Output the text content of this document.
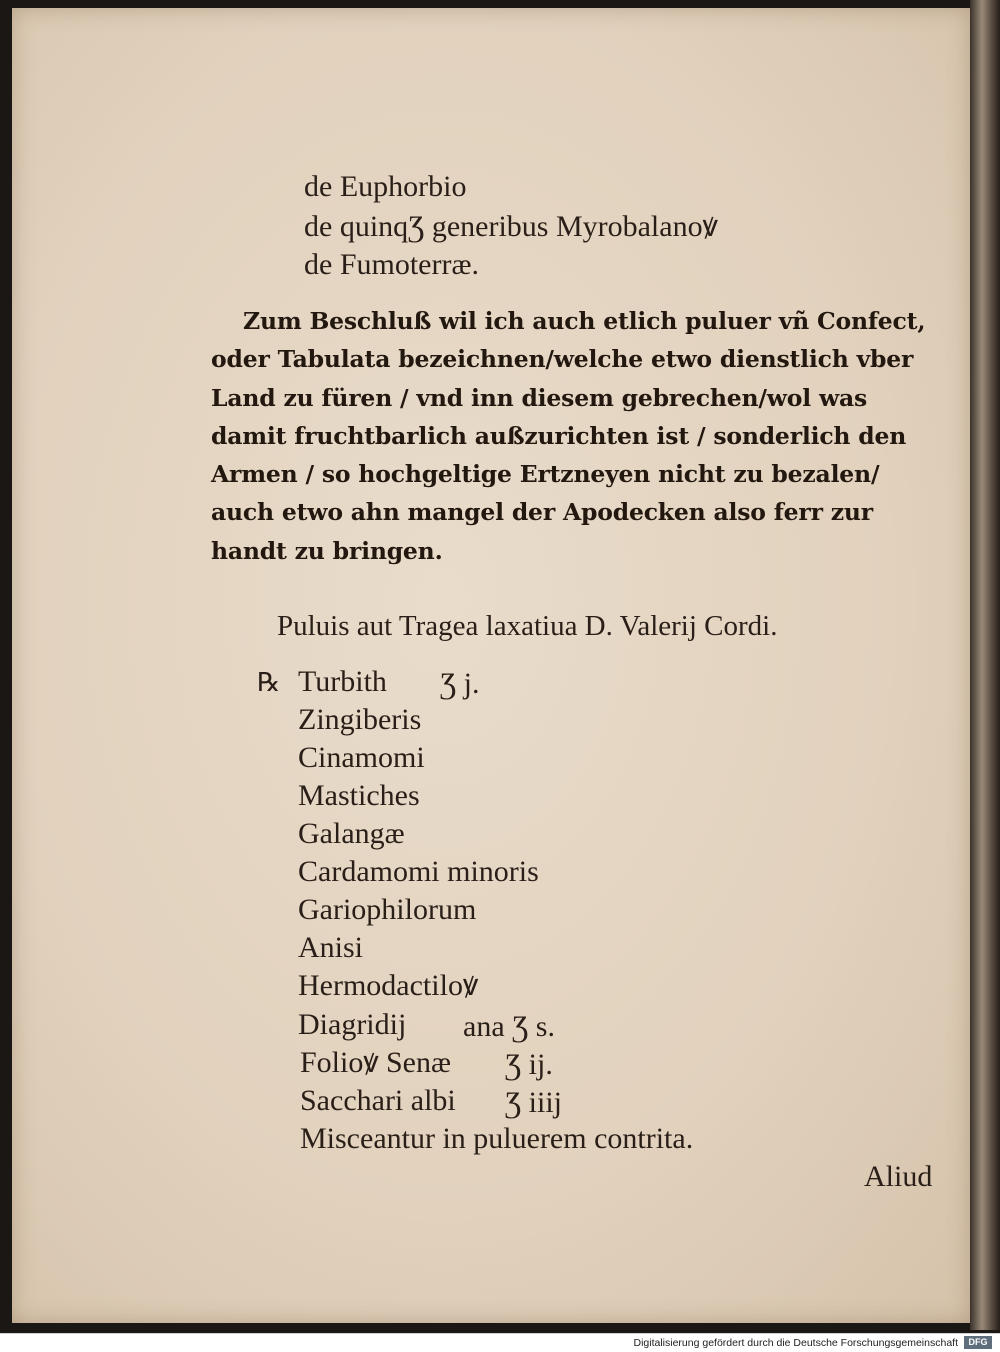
de Euphorbio
de quinqƷ generibus Myrobalanoꝟ
de Fumoterræ.
Zum Beschluß wil ich auch etlich puluer vñ Confect,
oder Tabulata bezeichnen/welche etwo dienstlich vber
Land zu füren / vnd inn diesem gebrechen/wol was
damit fruchtbarlich außzurichten ist / sonderlich den
Armen / so hochgeltige Ertzneyen nicht zu bezalen/
auch etwo ahn mangel der Apodecken also ferr zur
handt zu bringen.
Puluis aut Tragea laxatiua D. Valerij Cordi.
℞ Turbith Ʒ j.
Zingiberis
Cinamomi
Mastiches
Galangæ
Cardamomi minoris
Gariophilorum
Anisi
Hermodactiloꝟ
Diagridij ana Ʒ s.
Folioꝟ Senæ Ʒ ij.
Sacchari albi Ʒ iiij
Misceantur in puluerem contrita.
Aliud
Digitalisierung gefördert durch die Deutsche Forschungsgemeinschaft	DFG
